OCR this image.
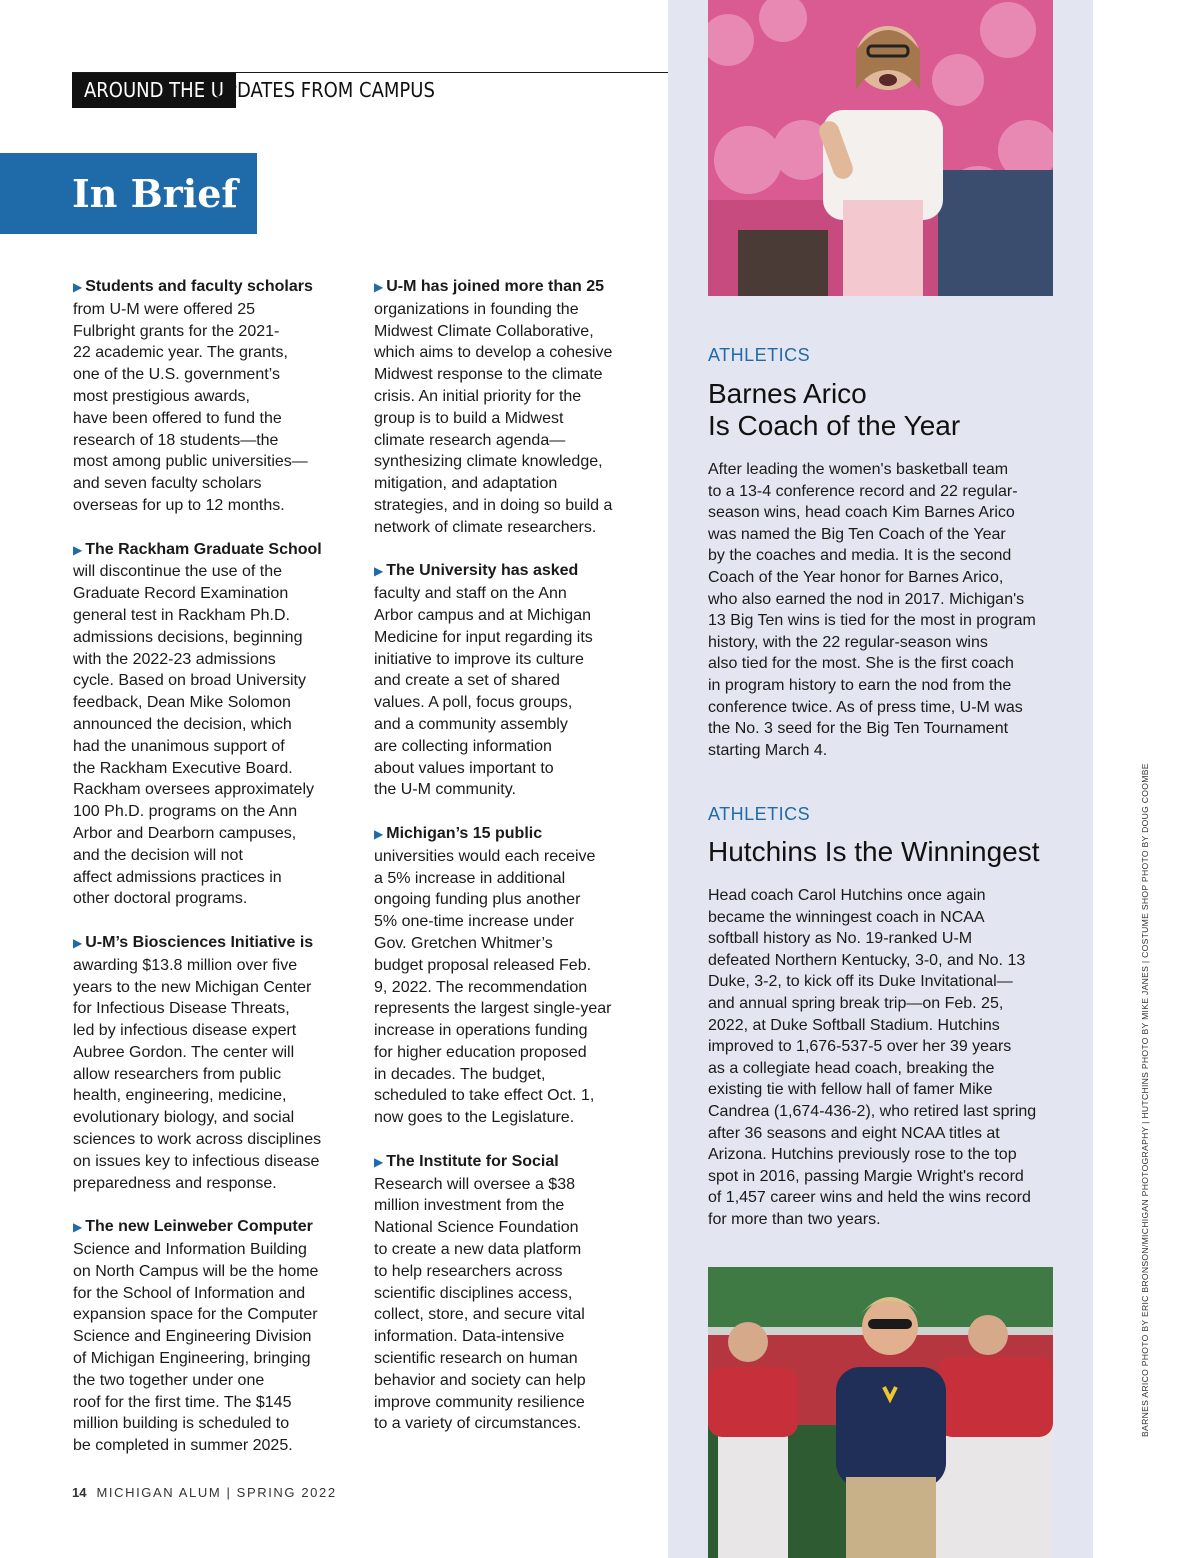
AROUND THE U
UPDATES FROM CAMPUS
In Brief
▶ Students and faculty scholars
from U-M were offered 25
Fulbright grants for the 2021-
22 academic year. The grants,
one of the U.S. government’s
most prestigious awards,
have been offered to fund the
research of 18 students—the
most among public universities—
and seven faculty scholars
overseas for up to 12 months.
▶ The Rackham Graduate School
will discontinue the use of the
Graduate Record Examination
general test in Rackham Ph.D.
admissions decisions, beginning
with the 2022-23 admissions
cycle. Based on broad University
feedback, Dean Mike Solomon
announced the decision, which
had the unanimous support of
the Rackham Executive Board.
Rackham oversees approximately
100 Ph.D. programs on the Ann
Arbor and Dearborn campuses,
and the decision will not
affect admissions practices in
other doctoral programs.
▶ U-M’s Biosciences Initiative is
awarding $13.8 million over five
years to the new Michigan Center
for Infectious Disease Threats,
led by infectious disease expert
Aubree Gordon. The center will
allow researchers from public
health, engineering, medicine,
evolutionary biology, and social
sciences to work across disciplines
on issues key to infectious disease
preparedness and response.
▶ The new Leinweber Computer
Science and Information Building
on North Campus will be the home
for the School of Information and
expansion space for the Computer
Science and Engineering Division
of Michigan Engineering, bringing
the two together under one
roof for the first time. The $145
million building is scheduled to
be completed in summer 2025.
▶ U-M has joined more than 25
organizations in founding the
Midwest Climate Collaborative,
which aims to develop a cohesive
Midwest response to the climate
crisis. An initial priority for the
group is to build a Midwest
climate research agenda—
synthesizing climate knowledge,
mitigation, and adaptation
strategies, and in doing so build a
network of climate researchers.
▶ The University has asked
faculty and staff on the Ann
Arbor campus and at Michigan
Medicine for input regarding its
initiative to improve its culture
and create a set of shared
values. A poll, focus groups,
and a community assembly
are collecting information
about values important to
the U-M community.
▶ Michigan’s 15 public
universities would each receive
a 5% increase in additional
ongoing funding plus another
5% one-time increase under
Gov. Gretchen Whitmer’s
budget proposal released Feb.
9, 2022. The recommendation
represents the largest single-year
increase in operations funding
for higher education proposed
in decades. The budget,
scheduled to take effect Oct. 1,
now goes to the Legislature.
▶ The Institute for Social
Research will oversee a $38
million investment from the
National Science Foundation
to create a new data platform
to help researchers across
scientific disciplines access,
collect, store, and secure vital
information. Data-intensive
scientific research on human
behavior and society can help
improve community resilience
to a variety of circumstances.
ATHLETICS
Barnes Arico
Is Coach of the Year
After leading the women's basketball team
to a 13-4 conference record and 22 regular-
season wins, head coach Kim Barnes Arico
was named the Big Ten Coach of the Year
by the coaches and media. It is the second
Coach of the Year honor for Barnes Arico,
who also earned the nod in 2017. Michigan's
13 Big Ten wins is tied for the most in program
history, with the 22 regular-season wins
also tied for the most. She is the first coach
in program history to earn the nod from the
conference twice. As of press time, U-M was
the No. 3 seed for the Big Ten Tournament
starting March 4.
ATHLETICS
Hutchins Is the Winningest
Head coach Carol Hutchins once again
became the winningest coach in NCAA
softball history as No. 19-ranked U-M
defeated Northern Kentucky, 3-0, and No. 13
Duke, 3-2, to kick off its Duke Invitational—
and annual spring break trip—on Feb. 25,
2022, at Duke Softball Stadium. Hutchins
improved to 1,676-537-5 over her 39 years
as a collegiate head coach, breaking the
existing tie with fellow hall of famer Mike
Candrea (1,674-436-2), who retired last spring
after 36 seasons and eight NCAA titles at
Arizona. Hutchins previously rose to the top
spot in 2016, passing Margie Wright's record
of 1,457 career wins and held the wins record
for more than two years.	BARNES ARICO PHOTO BY ERIC BRONSON/MICHIGAN PHOTOGRAPHY | HUTCHINS PHOTO BY MIKE JANES | COSTUME SHOP PHOTO BY DOUG COOMBE
14 MICHIGAN ALUM | SPRING 2022
